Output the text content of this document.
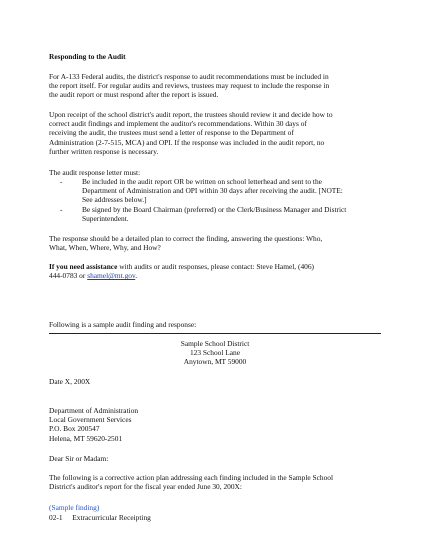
Responding to the Audit
For A-133 Federal audits, the district's response to audit recommendations must be included in
the report itself. For regular audits and reviews, trustees may request to include the response in
the audit report or must respond after the report is issued.
Upon receipt of the school district's audit report, the trustees should review it and decide how to
correct audit findings and implement the auditor's recommendations. Within 30 days of
receiving the audit, the trustees must send a letter of response to the Department of
Administration (2-7-515, MCA) and OPI. If the response was included in the audit report, no
further written response is necessary.
The audit response letter must:
-	Be included in the audit report OR be written on school letterhead and sent to the
Department of Administration and OPI within 30 days after receiving the audit. [NOTE:
See addresses below.]
-	Be signed by the Board Chairman (preferred) or the Clerk/Business Manager and District
Superintendent.
The response should be a detailed plan to correct the finding, answering the questions: Who,
What, When, Where, Why, and How?
If you need assistance with audits or audit responses, please contact: Steve Hamel, (406)
444-0783 or shamel@mt.gov.
Following is a sample audit finding and response:
Sample School District
123 School Lane
Anytown, MT 59000
Date X, 200X
Department of Administration
Local Government Services
P.O. Box 200547
Helena, MT 59620-2501
Dear Sir or Madam:
The following is a corrective action plan addressing each finding included in the Sample School
District's auditor's report for the fiscal year ended June 30, 200X:
(Sample finding)
02-1 Extracurricular Receipting
